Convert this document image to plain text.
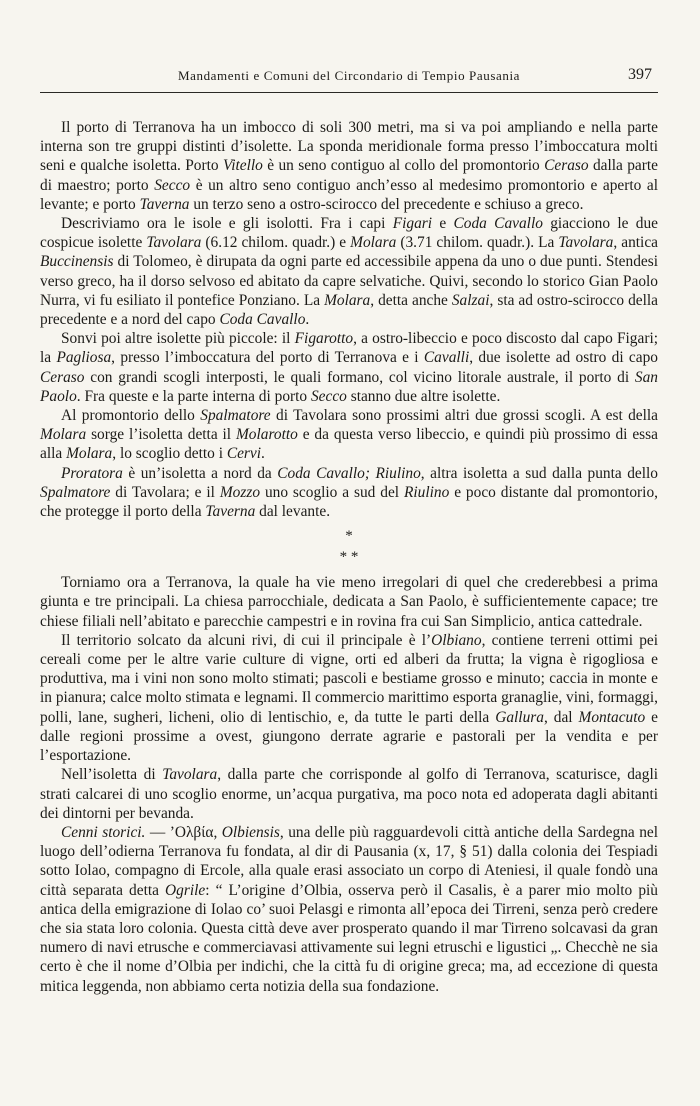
Mandamenti e Comuni del Circondario di Tempio Pausania	397

Il porto di Terranova ha un imbocco di soli 300 metri, ma si va poi ampliando e nella parte interna son tre gruppi distinti d’isolette. La sponda meridionale forma presso l’imboccatura molti seni e qualche isoletta. Porto Vitello è un seno contiguo al collo del promontorio Ceraso dalla parte di maestro; porto Secco è un altro seno contiguo anch’esso al medesimo promontorio e aperto al levante; e porto Taverna un terzo seno a ostro-scirocco del precedente e schiuso a greco.

Descriviamo ora le isole e gli isolotti. Fra i capi Figari e Coda Cavallo giacciono le due cospicue isolette Tavolara (6.12 chilom. quadr.) e Molara (3.71 chilom. quadr.). La Tavolara, antica Buccinensis di Tolomeo, è dirupata da ogni parte ed accessibile appena da uno o due punti. Stendesi verso greco, ha il dorso selvoso ed abitato da capre selvatiche. Quivi, secondo lo storico Gian Paolo Nurra, vi fu esiliato il pontefice Ponziano. La Molara, detta anche Salzai, sta ad ostro-scirocco della precedente e a nord del capo Coda Cavallo.

Sonvi poi altre isolette più piccole: il Figarotto, a ostro-libeccio e poco discosto dal capo Figari; la Pagliosa, presso l’imboccatura del porto di Terranova e i Cavalli, due isolette ad ostro di capo Ceraso con grandi scogli interposti, le quali formano, col vicino litorale australe, il porto di San Paolo. Fra queste e la parte interna di porto Secco stanno due altre isolette.

Al promontorio dello Spalmatore di Tavolara sono prossimi altri due grossi scogli. A est della Molara sorge l’isoletta detta il Molarotto e da questa verso libeccio, e quindi più prossimo di essa alla Molara, lo scoglio detto i Cervi.

Proratora è un’isoletta a nord da Coda Cavallo; Riulino, altra isoletta a sud dalla punta dello Spalmatore di Tavolara; e il Mozzo uno scoglio a sud del Riulino e poco distante dal promontorio, che protegge il porto della Taverna dal levante.

*
* *

Torniamo ora a Terranova, la quale ha vie meno irregolari di quel che crederebbesi a prima giunta e tre principali. La chiesa parrocchiale, dedicata a San Paolo, è sufficientemente capace; tre chiese filiali nell’abitato e parecchie campestri e in rovina fra cui San Simplicio, antica cattedrale.

Il territorio solcato da alcuni rivi, di cui il principale è l’Olbiano, contiene terreni ottimi pei cereali come per le altre varie culture di vigne, orti ed alberi da frutta; la vigna è rigogliosa e produttiva, ma i vini non sono molto stimati; pascoli e bestiame grosso e minuto; caccia in monte e in pianura; calce molto stimata e legnami. Il commercio marittimo esporta granaglie, vini, formaggi, polli, lane, sugheri, licheni, olio di lentischio, e, da tutte le parti della Gallura, dal Montacuto e dalle regioni prossime a ovest, giungono derrate agrarie e pastorali per la vendita e per l’esportazione.

Nell’isoletta di Tavolara, dalla parte che corrisponde al golfo di Terranova, scaturisce, dagli strati calcarei di uno scoglio enorme, un’acqua purgativa, ma poco nota ed adoperata dagli abitanti dei dintorni per bevanda.

Cenni storici. — ’Ολβία, Olbiensis, una delle più ragguardevoli città antiche della Sardegna nel luogo dell’odierna Terranova fu fondata, al dir di Pausania (x, 17, § 51) dalla colonia dei Tespiadi sotto Iolao, compagno di Ercole, alla quale erasi associato un corpo di Ateniesi, il quale fondò una città separata detta Ogrile: “ L’origine d’Olbia, osserva però il Casalis, è a parer mio molto più antica della emigrazione di Iolao co’ suoi Pelasgi e rimonta all’epoca dei Tirreni, senza però credere che sia stata loro colonia. Questa città deve aver prosperato quando il mar Tirreno solcavasi da gran numero di navi etrusche e commerciavasi attivamente sui legni etruschi e ligustici „. Checchè ne sia certo è che il nome d’Olbia per indichi, che la città fu di origine greca; ma, ad eccezione di questa mitica leggenda, non abbiamo certa notizia della sua fondazione.
